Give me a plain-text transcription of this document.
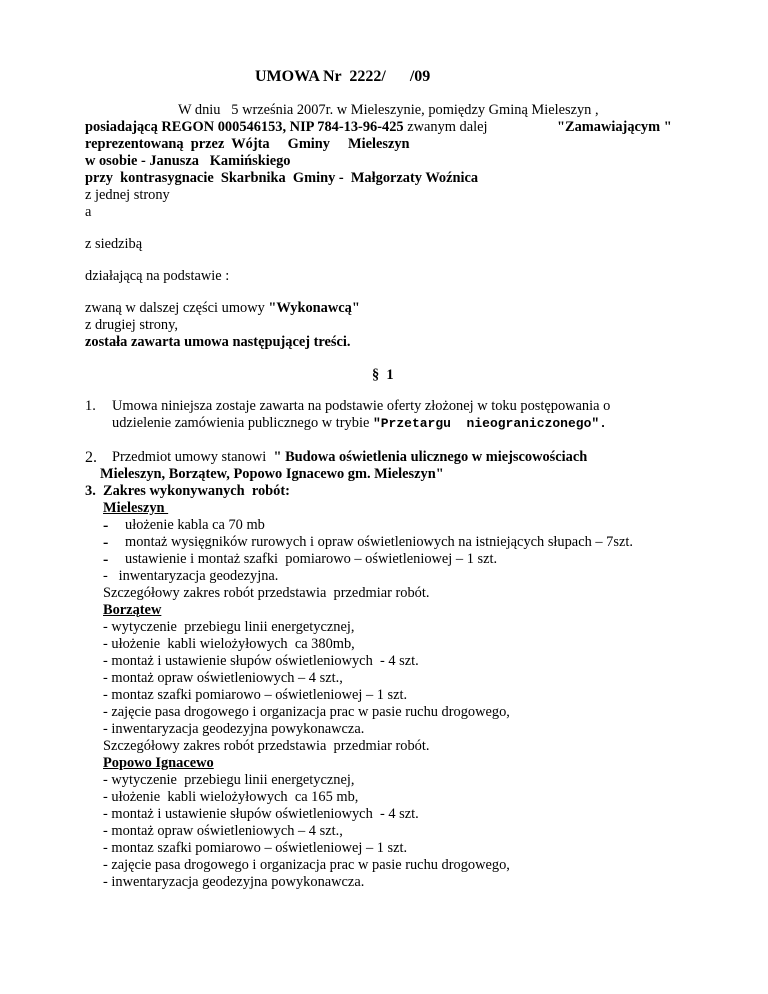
UMOWA Nr  2222/      /09
W dniu   5 września 2007r. w Mieleszynie, pomiędzy Gminą Mieleszyn ,
posiadającą REGON 000546153, NIP 784-13-96-425 zwanym dalej	"Zamawiającym "
reprezentowaną  przez  Wójta     Gminy     Mieleszyn
w osobie - Janusza   Kamińskiego
przy  kontrasygnacie  Skarbnika  Gminy -  Małgorzaty Woźnica
z jednej strony
a
z siedzibą
działającą na podstawie :
zwaną w dalszej części umowy "Wykonawcą"
z drugiej strony,
została zawarta umowa następującej treści.
§  1
1. Umowa niniejsza zostaje zawarta na podstawie oferty złożonej w toku postępowania o
udzielenie zamówienia publicznego w trybie "Przetargu  nieograniczonego".
2. Przedmiot umowy stanowi  " Budowa oświetlenia ulicznego w miejscowościach
Mieleszyn, Borzątew, Popowo Ignacewo gm. Mieleszyn"
3.  Zakres wykonywanych  robót:
Mieleszyn
- ułożenie kabla ca 70 mb
- montaż wysięgników rurowych i opraw oświetleniowych na istniejących słupach – 7szt.
- ustawienie i montaż szafki  pomiarowo – oświetleniowej – 1 szt.
-   inwentaryzacja geodezyjna.
Szczegółowy zakres robót przedstawia  przedmiar robót.
Borzątew
- wytyczenie  przebiegu linii energetycznej,
- ułożenie  kabli wielożyłowych  ca 380mb,
- montaż i ustawienie słupów oświetleniowych  - 4 szt.
- montaż opraw oświetleniowych – 4 szt.,
- montaz szafki pomiarowo – oświetleniowej – 1 szt.
- zajęcie pasa drogowego i organizacja prac w pasie ruchu drogowego,
- inwentaryzacja geodezyjna powykonawcza.
Szczegółowy zakres robót przedstawia  przedmiar robót.
Popowo Ignacewo
- wytyczenie  przebiegu linii energetycznej,
- ułożenie  kabli wielożyłowych  ca 165 mb,
- montaż i ustawienie słupów oświetleniowych  - 4 szt.
- montaż opraw oświetleniowych – 4 szt.,
- montaz szafki pomiarowo – oświetleniowej – 1 szt.
- zajęcie pasa drogowego i organizacja prac w pasie ruchu drogowego,
- inwentaryzacja geodezyjna powykonawcza.
